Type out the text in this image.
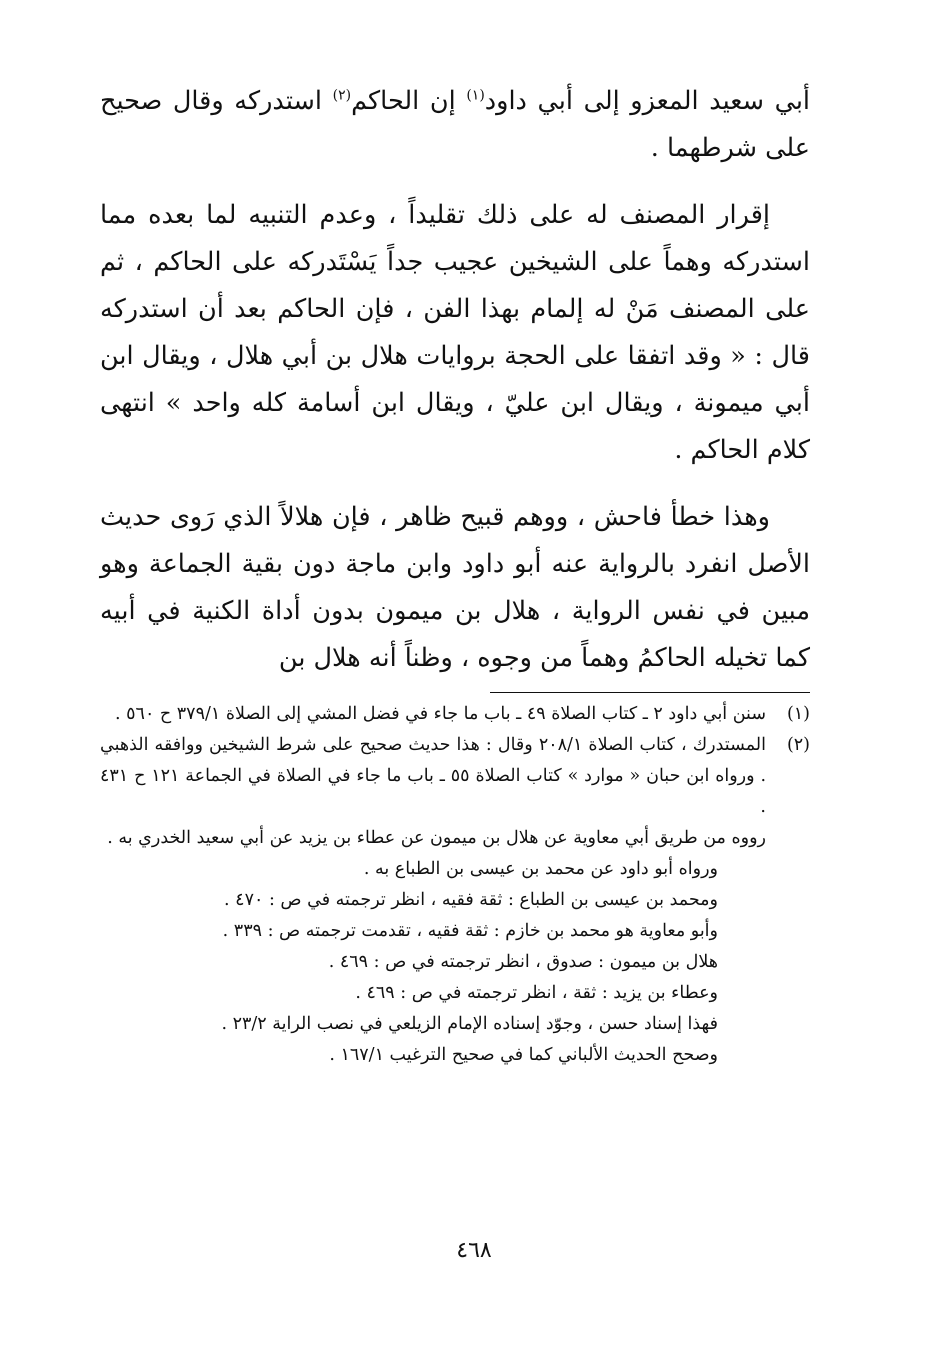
أبي سعيد المعزو إلى أبي داود$^{(١)}$ إن الحاكم$^{(٢)}$ استدركه وقال صحيح على شرطهما .

إقرار المصنف له على ذلك تقليداً ، وعدم التنبيه لما بعده مما استدركه وهماً على الشيخين عجيب جداً يَسْتَدركه على الحاكم ، ثم على المصنف مَنْ له إلمام بهذا الفن ، فإن الحاكم بعد أن استدركه قال : « وقد اتفقا على الحجة بروايات هلال بن أبي هلال ، ويقال ابن أبي ميمونة ، ويقال ابن عليّ ، ويقال ابن أسامة كله واحد » انتهى كلام الحاكم .

وهذا خطأ فاحش ، ووهم قبيح ظاهر ، فإن هلالاً الذي رَوى حديث الأصل انفرد بالرواية عنه أبو داود وابن ماجة دون بقية الجماعة وهو مبين في نفس الرواية ، هلال بن ميمون بدون أداة الكنية في أبيه كما تخيله الحاكمُ وهماً من وجوه ، وظناً أنه هلال بن

(١)
سنن أبي داود ٢ ـ كتاب الصلاة ٤٩ ـ باب ما جاء في فضل المشي إلى الصلاة ٣٧٩/١ ح ٥٦٠ .
(٢)
المستدرك ، كتاب الصلاة ٢٠٨/١ وقال : هذا حديث صحيح على شرط الشيخين ووافقه الذهبي . ورواه ابن حبان « موارد » كتاب الصلاة ٥٥ ـ باب ما جاء في الصلاة في الجماعة ١٢١ ح ٤٣١ .
رووه من طريق أبي معاوية عن هلال بن ميمون عن عطاء بن يزيد عن أبي سعيد الخدري به .
ورواه أبو داود عن محمد بن عيسى بن الطباع به .
ومحمد بن عيسى بن الطباع : ثقة فقيه ، انظر ترجمته في ص : ٤٧٠ .
وأبو معاوية هو محمد بن خازم : ثقة فقيه ، تقدمت ترجمته ص : ٣٣٩ .
هلال بن ميمون : صدوق ، انظر ترجمته في ص : ٤٦٩ .
وعطاء بن يزيد : ثقة ، انظر ترجمته في ص : ٤٦٩ .
فهذا إسناد حسن ، وجوّد إسناده الإمام الزيلعي في نصب الراية ٢٣/٢ .
وصحح الحديث الألباني كما في صحيح الترغيب ١٦٧/١ .
٤٦٨
